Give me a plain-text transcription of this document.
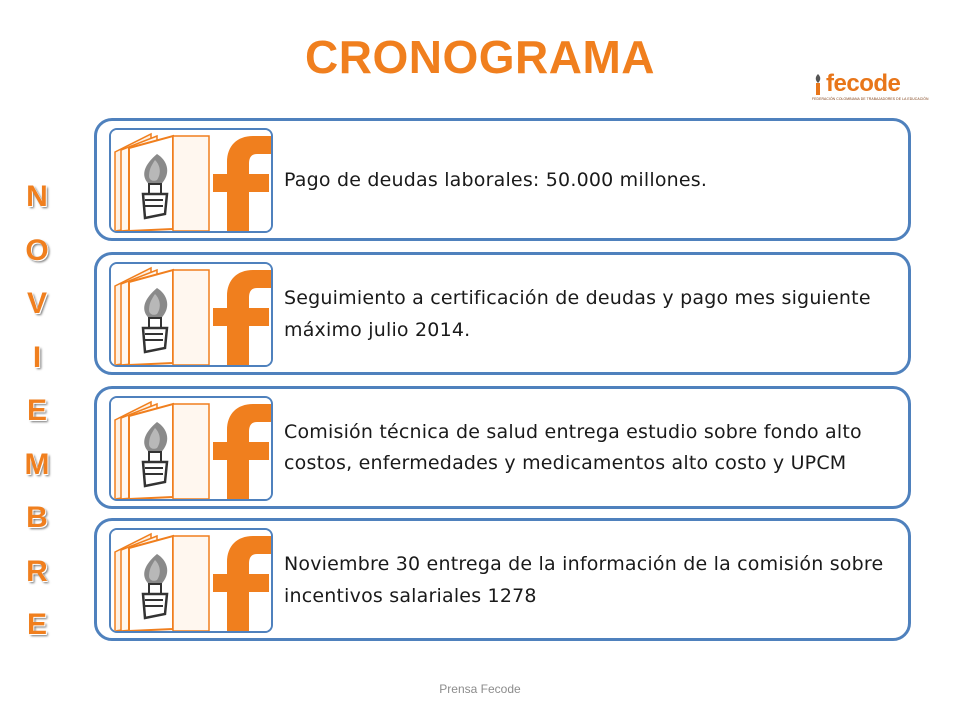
CRONOGRAMA
fecode
FEDERACIÓN COLOMBIANA DE TRABAJADORES DE LA EDUCACIÓN
N
O
V
I
E
M
B
R
E
Pago de deudas laborales: 50.000 millones.
Seguimiento a certificación de deudas y pago mes siguiente máximo julio 2014.
Comisión técnica de salud entrega estudio sobre fondo alto costos, enfermedades y medicamentos alto costo y UPCM
Noviembre 30 entrega de la información de la comisión sobre incentivos salariales 1278
Prensa Fecode
